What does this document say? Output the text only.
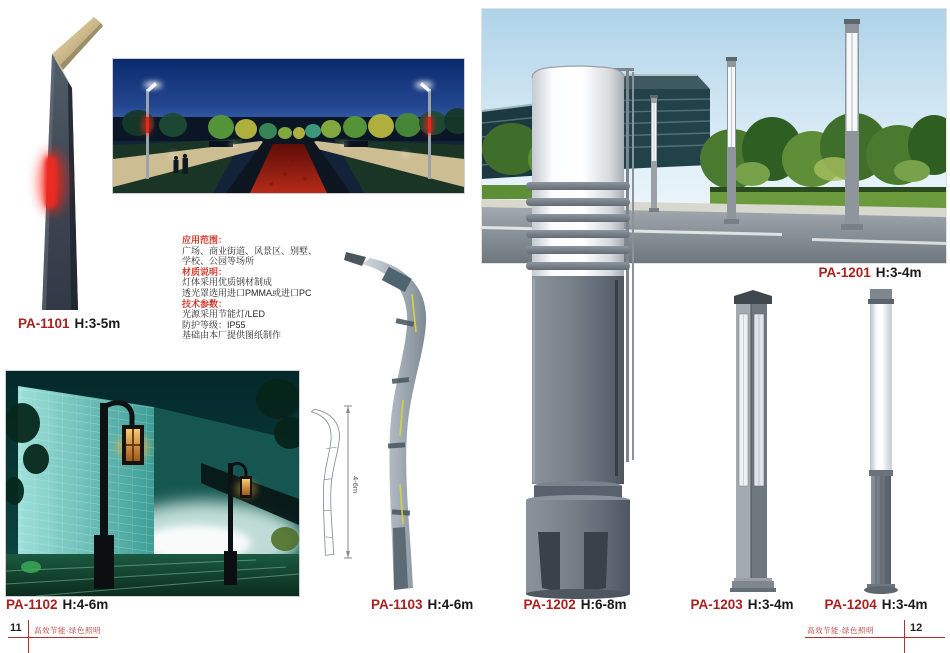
应用范围：
广场、商业街道、风景区、别墅、
学校、公园等场所
材质说明：
灯体采用优质钢材制成
透光罩选用进口PMMA或进口PC
技术参数：
光源采用节能灯/LED
防护等级：IP55
基础由本厂提供图纸制作
4-6m
PA-1101 H:3-5m
PA-1201 H:3-4m
PA-1102 H:4-6m	PA-1103 H:4-6m	PA-1202 H:6-8m	PA-1203 H:3-4m PA-1204 H:3-4m
11 高效节能·绿色照明	高效节能·绿色照明	12
